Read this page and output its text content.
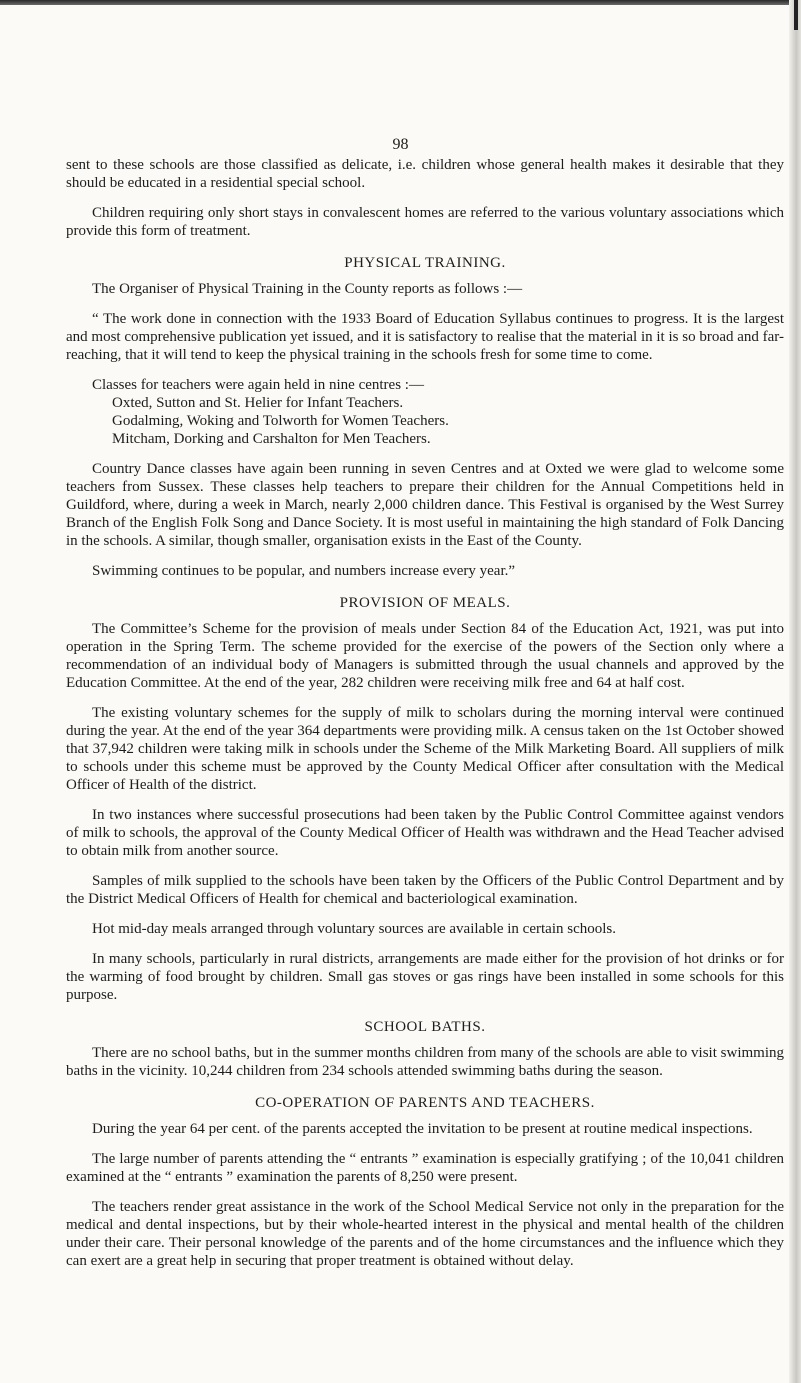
98

sent to these schools are those classified as delicate, i.e. children whose general health makes it desirable that they should be educated in a residential special school.

Children requiring only short stays in convalescent homes are referred to the various voluntary associations which provide this form of treatment.

PHYSICAL TRAINING.

The Organiser of Physical Training in the County reports as follows :—

“ The work done in connection with the 1933 Board of Education Syllabus continues to progress. It is the largest and most comprehensive publication yet issued, and it is satisfactory to realise that the material in it is so broad and far-reaching, that it will tend to keep the physical training in the schools fresh for some time to come.

Classes for teachers were again held in nine centres :—

Oxted, Sutton and St. Helier for Infant Teachers.
Godalming, Woking and Tolworth for Women Teachers.
Mitcham, Dorking and Carshalton for Men Teachers.

Country Dance classes have again been running in seven Centres and at Oxted we were glad to welcome some teachers from Sussex. These classes help teachers to prepare their children for the Annual Competitions held in Guildford, where, during a week in March, nearly 2,000 children dance. This Festival is organised by the West Surrey Branch of the English Folk Song and Dance Society. It is most useful in maintaining the high standard of Folk Dancing in the schools. A similar, though smaller, organisation exists in the East of the County.

Swimming continues to be popular, and numbers increase every year.”

PROVISION OF MEALS.

The Committee’s Scheme for the provision of meals under Section 84 of the Education Act, 1921, was put into operation in the Spring Term. The scheme provided for the exercise of the powers of the Section only where a recommendation of an individual body of Managers is submitted through the usual channels and approved by the Education Committee. At the end of the year, 282 children were receiving milk free and 64 at half cost.

The existing voluntary schemes for the supply of milk to scholars during the morning interval were continued during the year. At the end of the year 364 departments were providing milk. A census taken on the 1st October showed that 37,942 children were taking milk in schools under the Scheme of the Milk Marketing Board. All suppliers of milk to schools under this scheme must be approved by the County Medical Officer after consultation with the Medical Officer of Health of the district.

In two instances where successful prosecutions had been taken by the Public Control Committee against vendors of milk to schools, the approval of the County Medical Officer of Health was withdrawn and the Head Teacher advised to obtain milk from another source.

Samples of milk supplied to the schools have been taken by the Officers of the Public Control Department and by the District Medical Officers of Health for chemical and bacteriological examination.

Hot mid-day meals arranged through voluntary sources are available in certain schools.

In many schools, particularly in rural districts, arrangements are made either for the provision of hot drinks or for the warming of food brought by children. Small gas stoves or gas rings have been installed in some schools for this purpose.

SCHOOL BATHS.

There are no school baths, but in the summer months children from many of the schools are able to visit swimming baths in the vicinity. 10,244 children from 234 schools attended swimming baths during the season.

CO-OPERATION OF PARENTS AND TEACHERS.

During the year 64 per cent. of the parents accepted the invitation to be present at routine medical inspections.

The large number of parents attending the “ entrants ” examination is especially gratifying ; of the 10,041 children examined at the “ entrants ” examination the parents of 8,250 were present.

The teachers render great assistance in the work of the School Medical Service not only in the preparation for the medical and dental inspections, but by their whole-hearted interest in the physical and mental health of the children under their care. Their personal knowledge of the parents and of the home circumstances and the influence which they can exert are a great help in securing that proper treatment is obtained without delay.
